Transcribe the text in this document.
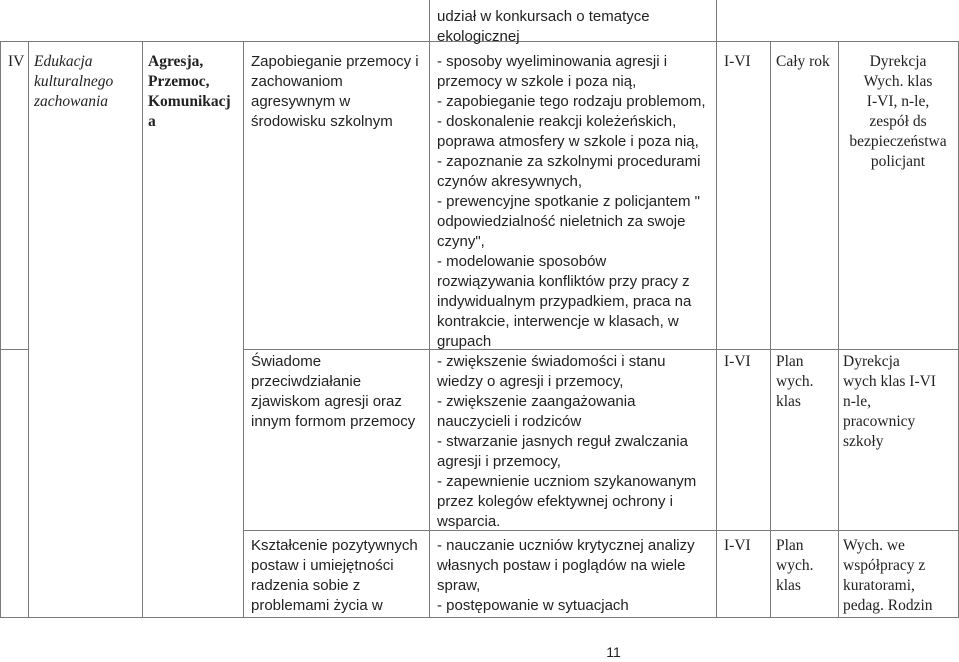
udział w konkursach o tematyce
ekologicznej
IV Edukacja
kulturalnego
zachowania
Agresja,
Przemoc,
Komunikacj
a
Zapobieganie przemocy i
zachowaniom
agresywnym w
środowisku szkolnym
- sposoby wyeliminowania agresji i
przemocy w szkole i poza nią,
- zapobieganie tego rodzaju problemom,
- doskonalenie reakcji koleżeńskich,
poprawa atmosfery w szkole i poza nią,
- zapoznanie za szkolnymi procedurami
czynów akresywnych,
- prewencyjne spotkanie z policjantem "
odpowiedzialność nieletnich za swoje
czyny",
- modelowanie sposobów
rozwiązywania konfliktów przy pracy z
indywidualnym przypadkiem, praca na
kontrakcie, interwencje w klasach, w
grupach
I-VI Cały rok	Dyrekcja
Wych. klas
I-VI, n-le,
zespół ds
bezpieczeństwa
policjant
Świadome
przeciwdziałanie
zjawiskom agresji oraz
innym formom przemocy
- zwiększenie świadomości i stanu
wiedzy o agresji i przemocy,
- zwiększenie zaangażowania
nauczycieli i rodziców
- stwarzanie jasnych reguł zwalczania
agresji i przemocy,
- zapewnienie uczniom szykanowanym
przez kolegów efektywnej ochrony i
wsparcia.
I-VI Plan
wych.
klas
Dyrekcja
wych klas I-VI
n-le,
pracownicy
szkoły
Kształcenie pozytywnych
postaw i umiejętności
radzenia sobie z
problemami życia w
- nauczanie uczniów krytycznej analizy
własnych postaw i poglądów na wiele
spraw,
- postępowanie w sytuacjach
I-VI Plan
wych.
klas
Wych. we
współpracy z
kuratorami,
pedag. Rodzin
11
